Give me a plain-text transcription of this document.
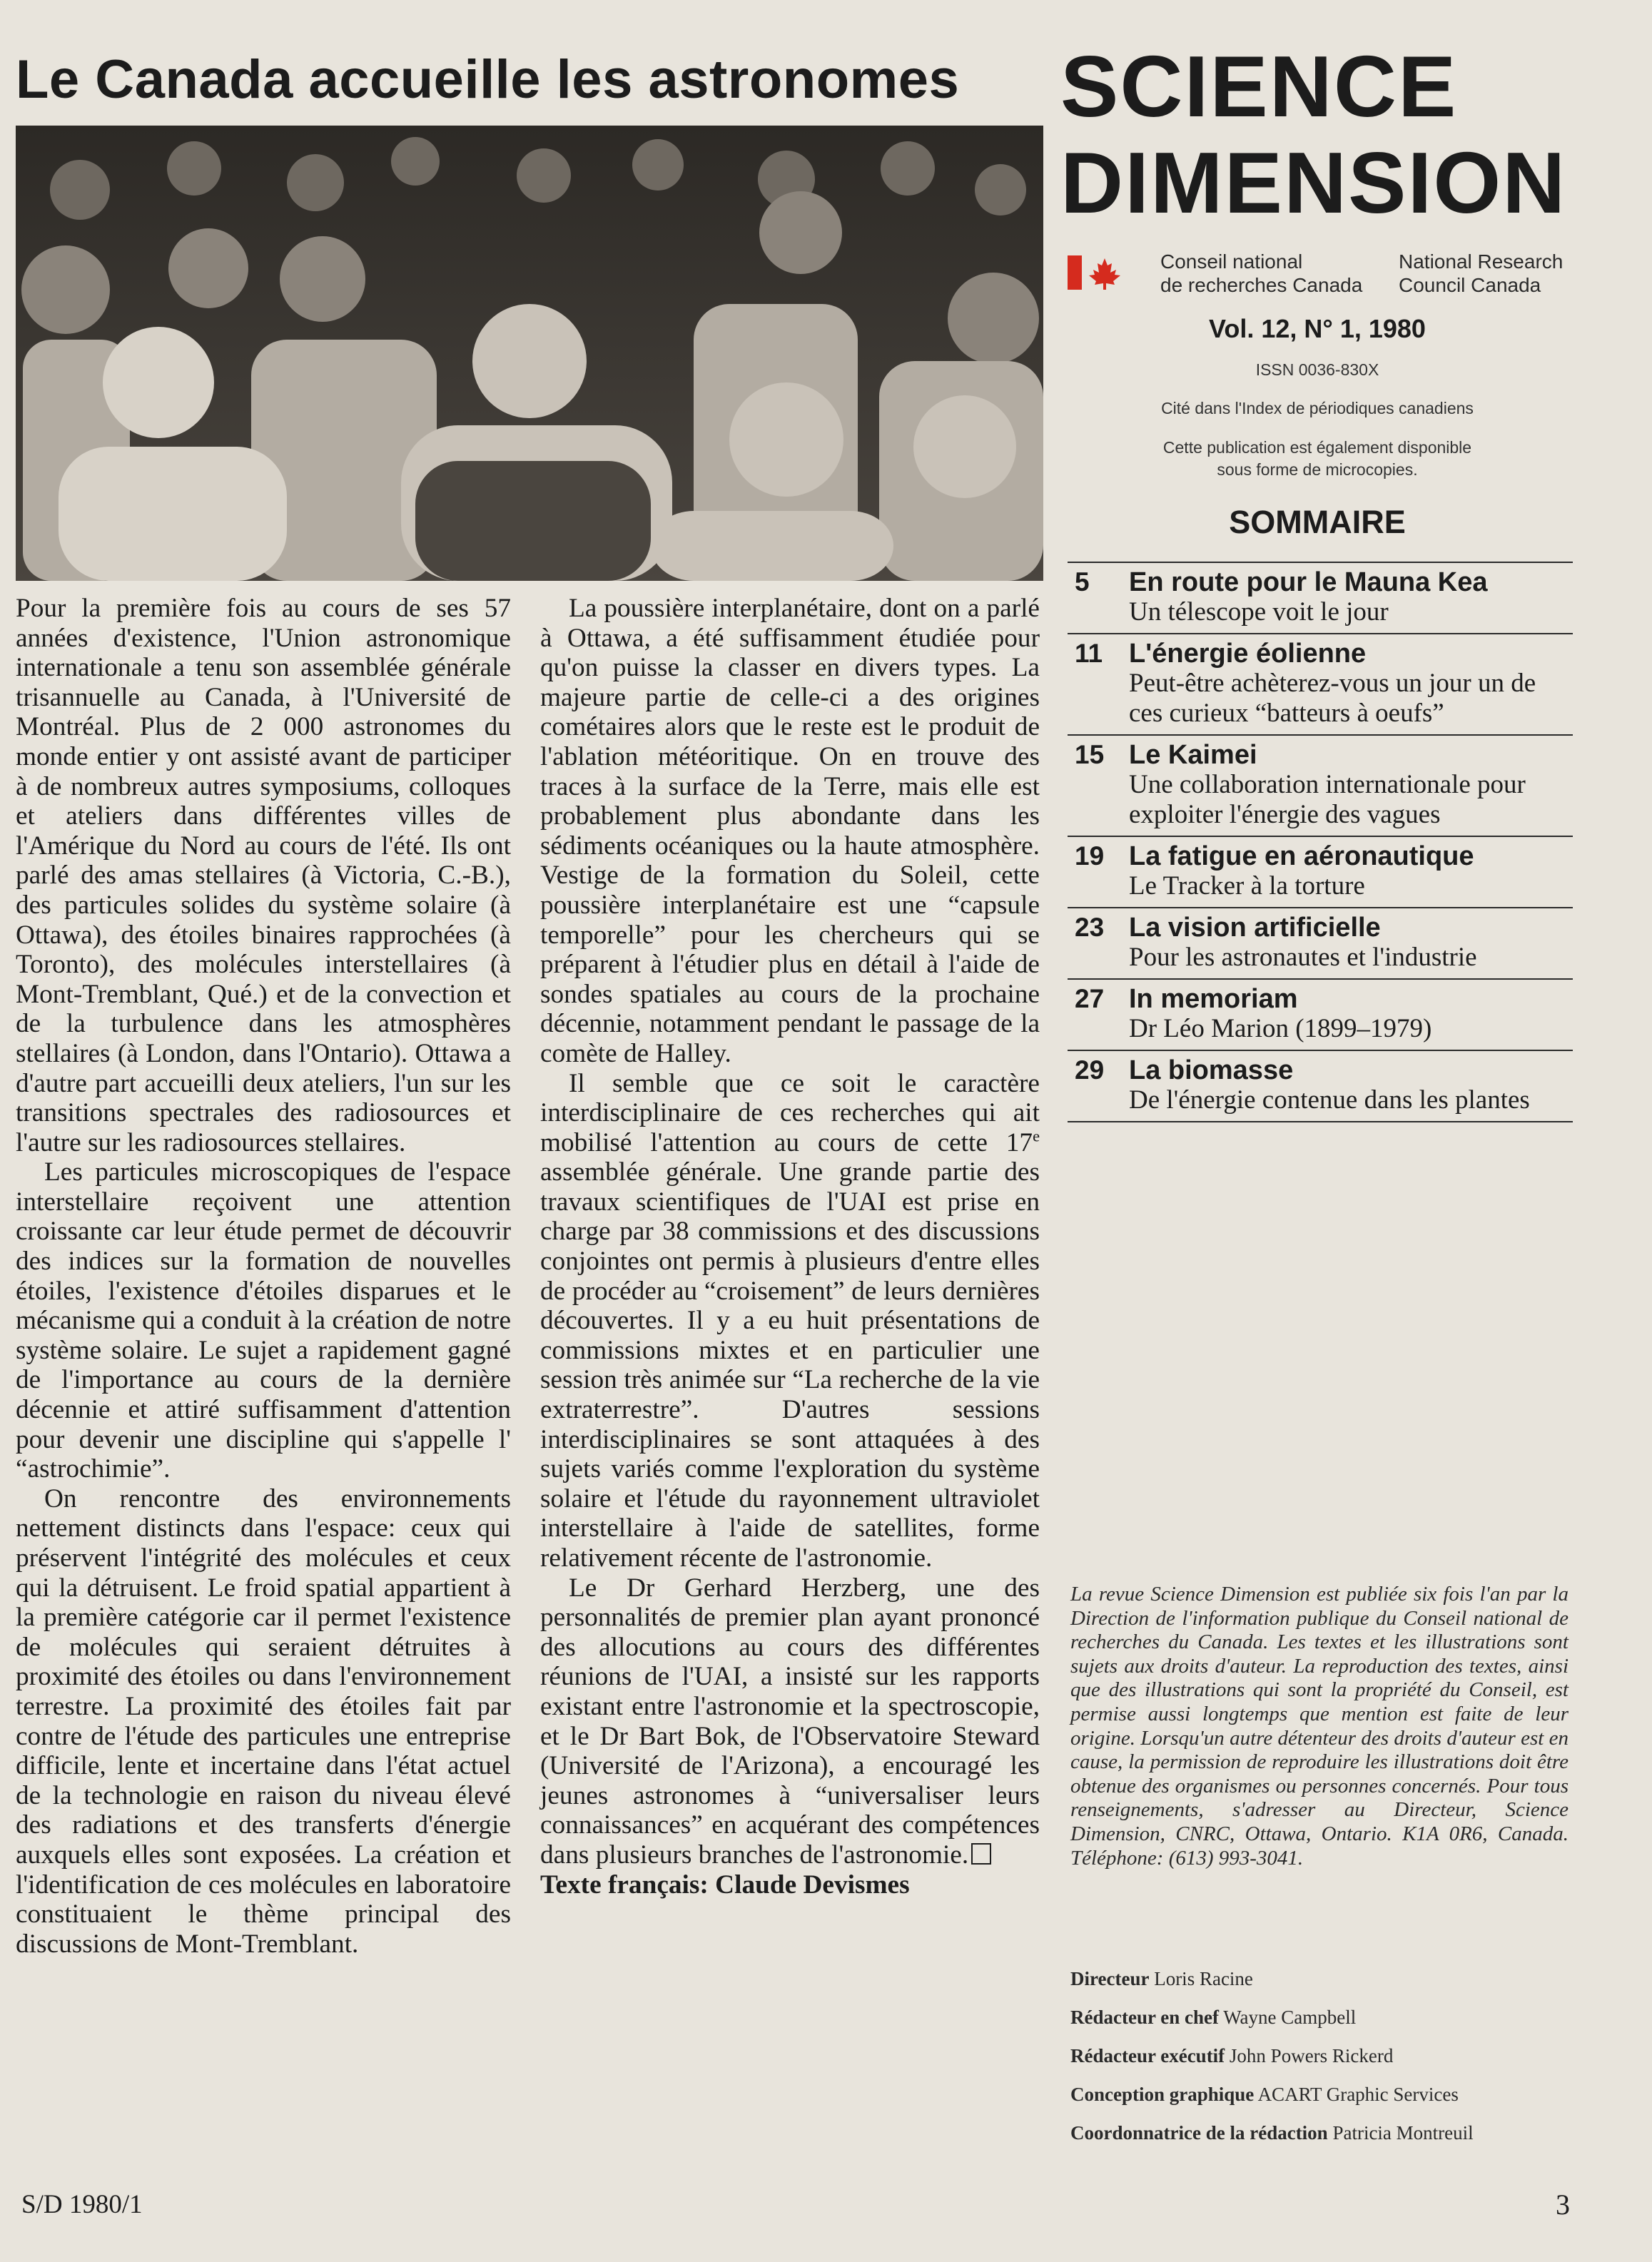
Le Canada accueille les astronomes SCIENCE
DIMENSION

Pour la première fois au cours de ses 57 années d'existence, l'Union astronomique internationale a tenu son assemblée générale trisannuelle au Canada, à l'Université de Montréal. Plus de 2 000 astronomes du monde entier y ont assisté avant de participer à de nombreux autres symposiums, colloques et ateliers dans différentes villes de l'Amérique du Nord au cours de l'été. Ils ont parlé des amas stellaires (à Victoria, C.-B.), des particules solides du système solaire (à Ottawa), des étoiles binaires rapprochées (à Toronto), des molécules interstellaires (à Mont-Tremblant, Qué.) et de la convection et de la turbulence dans les atmosphères stellaires (à London, dans l'Ontario). Ottawa a d'autre part accueilli deux ateliers, l'un sur les transitions spectrales des radiosources et l'autre sur les radiosources stellaires.

Les particules microscopiques de l'espace interstellaire reçoivent une attention croissante car leur étude permet de découvrir des indices sur la formation de nouvelles étoiles, l'existence d'étoiles disparues et le mécanisme qui a conduit à la création de notre système solaire. Le sujet a rapidement gagné de l'importance au cours de la dernière décennie et attiré suffisamment d'attention pour devenir une discipline qui s'appelle l' “astrochimie”.

On rencontre des environnements nettement distincts dans l'espace: ceux qui préservent l'intégrité des molécules et ceux qui la détruisent. Le froid spatial appartient à la première catégorie car il permet l'existence de molécules qui seraient détruites à proximité des étoiles ou dans l'environnement terrestre. La proximité des étoiles fait par contre de l'étude des particules une entreprise difficile, lente et incertaine dans l'état actuel de la technologie en raison du niveau élevé des radiations et des transferts d'énergie auxquels elles sont exposées. La création et l'identification de ces molécules en laboratoire constituaient le thème principal des discussions de Mont-Tremblant.

La poussière interplanétaire, dont on a parlé à Ottawa, a été suffisamment étudiée pour qu'on puisse la classer en divers types. La majeure partie de celle-ci a des origines cométaires alors que le reste est le produit de l'ablation météoritique. On en trouve des traces à la surface de la Terre, mais elle est probablement plus abondante dans les sédiments océaniques ou la haute atmosphère. Vestige de la formation du Soleil, cette poussière interplanétaire est une “capsule temporelle” pour les chercheurs qui se préparent à l'étudier plus en détail à l'aide de sondes spatiales au cours de la prochaine décennie, notamment pendant le passage de la comète de Halley.

Il semble que ce soit le caractère interdisciplinaire de ces recherches qui ait mobilisé l'attention au cours de cette 17e assemblée générale. Une grande partie des travaux scientifiques de l'UAI est prise en charge par 38 commissions et des discussions conjointes ont permis à plusieurs d'entre elles de procéder au “croisement” de leurs dernières découvertes. Il y a eu huit présentations de commissions mixtes et en particulier une session très animée sur “La recherche de la vie extraterrestre”. D'autres sessions interdisciplinaires se sont attaquées à des sujets variés comme l'exploration du système solaire et l'étude du rayonnement ultraviolet interstellaire à l'aide de satellites, forme relativement récente de l'astronomie.

Le Dr Gerhard Herzberg, une des personnalités de premier plan ayant prononcé des allocutions au cours des différentes réunions de l'UAI, a insisté sur les rapports existant entre l'astronomie et la spectroscopie, et le Dr Bart Bok, de l'Observatoire Steward (Université de l'Arizona), a encouragé les jeunes astronomes à “universaliser leurs connaissances” en acquérant des compétences dans plusieurs branches de l'astronomie.

Texte français: Claude Devismes

Conseil national
de recherches Canada
National Research
Council Canada
Vol. 12, N° 1, 1980
ISSN 0036-830X
Cité dans l'Index de périodiques canadiens
Cette publication est également disponible
sous forme de microcopies.
SOMMAIRE
5	En route pour le Mauna Kea
Un télescope voit le jour
11 L'énergie éolienne
Peut-être achèterez-vous un jour un de ces curieux “batteurs à oeufs”
15 Le Kaimei
Une collaboration internationale pour exploiter l'énergie des vagues
19 La fatigue en aéronautique
Le Tracker à la torture
23 La vision artificielle
Pour les astronautes et l'industrie
27 In memoriam
Dr Léo Marion (1899–1979)
29 La biomasse
De l'énergie contenue dans les plantes
La revue Science Dimension est publiée six fois l'an par la Direction de l'information publique du Conseil national de recherches du Canada. Les textes et les illustrations sont sujets aux droits d'auteur. La reproduction des textes, ainsi que des illustrations qui sont la propriété du Conseil, est permise aussi longtemps que mention est faite de leur origine. Lorsqu'un autre détenteur des droits d'auteur est en cause, la permission de reproduire les illustrations doit être obtenue des organismes ou personnes concernés. Pour tous renseignements, s'adresser au Directeur, Science Dimension, CNRC, Ottawa, Ontario. K1A 0R6, Canada. Téléphone: (613) 993-3041.
Directeur Loris Racine
Rédacteur en chef Wayne Campbell
Rédacteur exécutif John Powers Rickerd
Conception graphique ACART Graphic Services
Coordonnatrice de la rédaction Patricia Montreuil
S/D 1980/1	3
